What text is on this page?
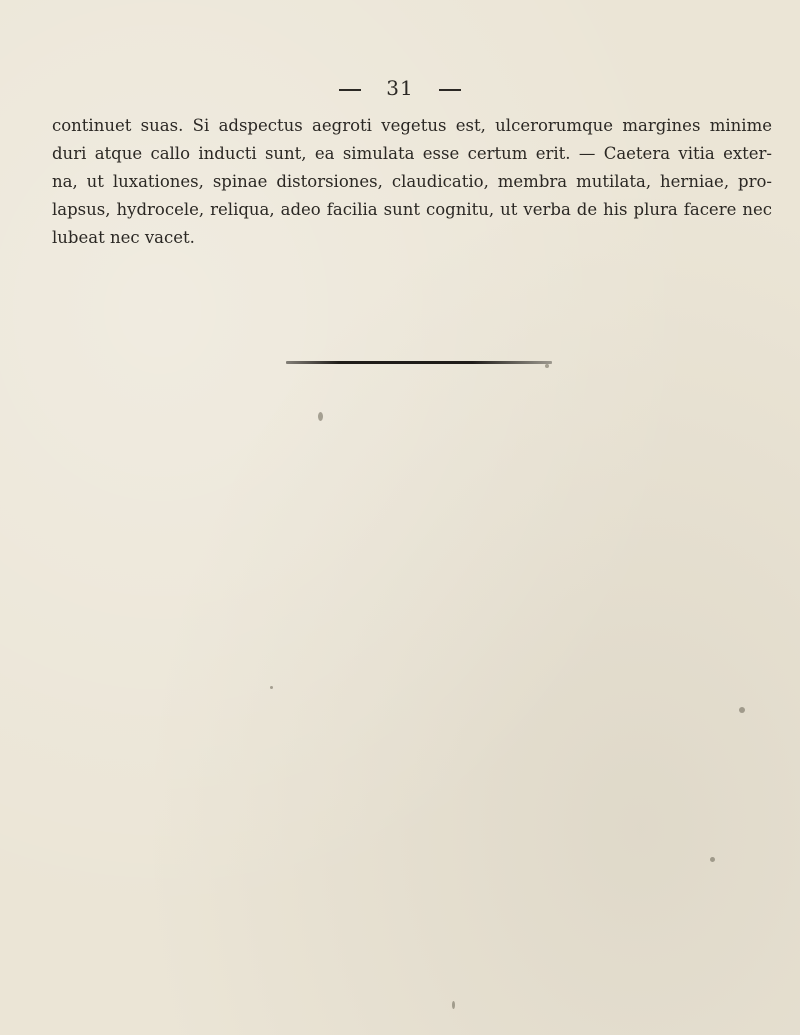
31
continuet suas. Si adspectus aegroti vegetus est, ulcerorumque margines minime
duri atque callo inducti sunt, ea simulata esse certum erit. — Caetera vitia exter-
na, ut luxationes, spinae distorsiones, claudicatio, membra mutilata, herniae, pro-
lapsus, hydrocele, reliqua, adeo facilia sunt cognitu, ut verba de his plura facere nec
lubeat nec vacet.
